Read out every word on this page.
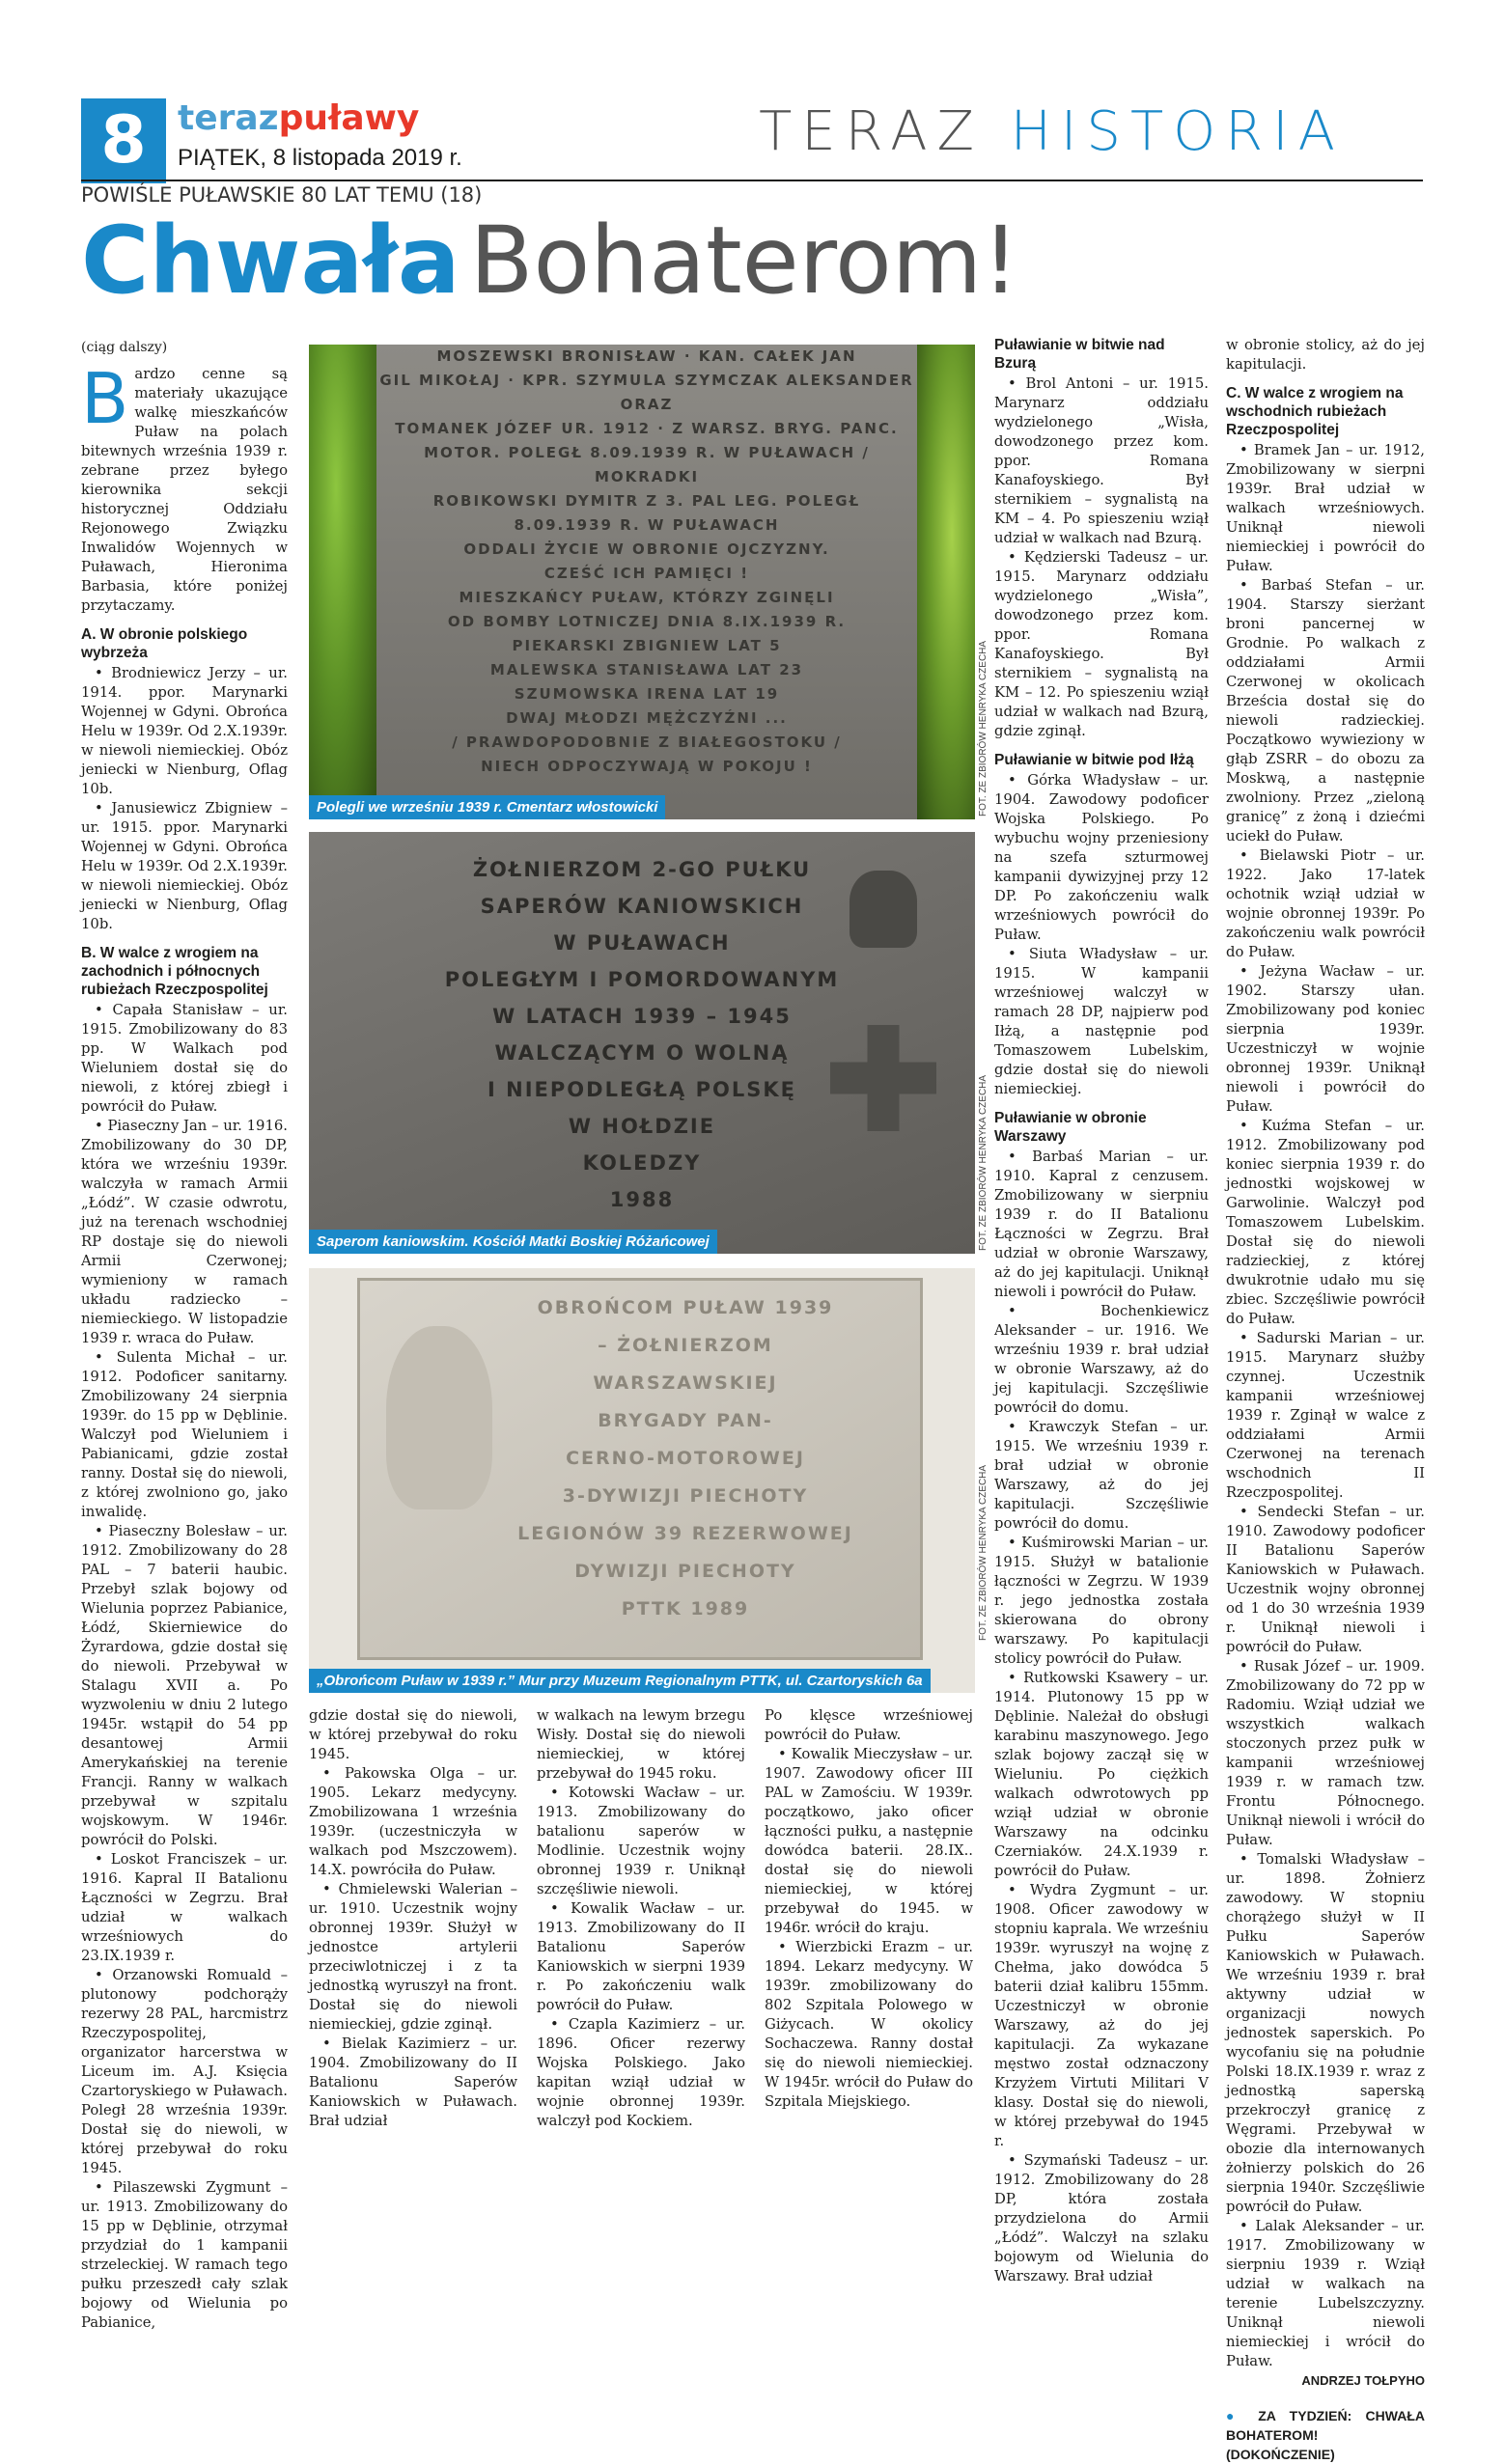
8 terazpuławy
PIĄTEK, 8 listopada 2019 r.	TERAZ HISTORIA
POWIŚLE PUŁAWSKIE 80 LAT TEMU (18)
Chwała Bohaterom!
(ciąg dalszy)

Bardzo cenne są materiały ukazujące walkę mieszkańców Puław na polach bitewnych września 1939 r. zebrane przez byłego kierownika sekcji historycznej Oddziału Rejonowego Związku Inwalidów Wojennych w Puławach, Hieronima Barbasia, które poniżej przytaczamy.

A. W obronie polskiego wybrzeża
• Brodniewicz Jerzy – ur. 1914. ppor. Marynarki Wojennej w Gdyni. Obrońca Helu w 1939r. Od 2.X.1939r. w niewoli niemieckiej. Obóz jeniecki w Nienburg, Oflag 10b.
• Janusiewicz Zbigniew – ur. 1915. ppor. Marynarki Wojennej w Gdyni. Obrońca Helu w 1939r. Od 2.X.1939r. w niewoli niemieckiej. Obóz jeniecki w Nienburg, Oflag 10b.
B. W walce z wrogiem na zachodnich i północnych rubieżach Rzeczpospolitej
• Capała Stanisław – ur. 1915. Zmobilizowany do 83 pp. W Walkach pod Wieluniem dostał się do niewoli, z której zbiegł i powrócił do Puław.
• Piaseczny Jan – ur. 1916. Zmobilizowany do 30 DP, która we wrześniu 1939r. walczyła w ramach Armii „Łódź”. W czasie odwrotu, już na terenach wschodniej RP dostaje się do niewoli Armii Czerwonej; wymieniony w ramach układu radziecko – niemieckiego. W listopadzie 1939 r. wraca do Puław.
• Sulenta Michał – ur. 1912. Podoficer sanitarny. Zmobilizowany 24 sierpnia 1939r. do 15 pp w Dęblinie. Walczył pod Wieluniem i Pabianicami, gdzie został ranny. Dostał się do niewoli, z której zwolniono go, jako inwalidę.
• Piaseczny Bolesław – ur. 1912. Zmobilizowany do 28 PAL – 7 baterii haubic. Przebył szlak bojowy od Wielunia poprzez Pabianice, Łódź, Skierniewice do Żyrardowa, gdzie dostał się do niewoli. Przebywał w Stalagu XVII a. Po wyzwoleniu w dniu 2 lutego 1945r. wstąpił do 54 pp desantowej Armii Amerykańskiej na terenie Francji. Ranny w walkach przebywał w szpitalu wojskowym. W 1946r. powrócił do Polski.
• Loskot Franciszek – ur. 1916. Kapral II Batalionu Łączności w Zegrzu. Brał udział w walkach wrześniowych do 23.IX.1939 r.
• Orzanowski Romuald – plutonowy podchorąży rezerwy 28 PAL, harcmistrz Rzeczypospolitej, organizator harcerstwa w Liceum im. A.J. Księcia Czartoryskiego w Puławach. Poległ 28 września 1939r. Dostał się do niewoli, w której przebywał do roku 1945.
• Pilaszewski Zygmunt – ur. 1913. Zmobilizowany do 15 pp w Dęblinie, otrzymał przydział do 1 kampanii strzeleckiej. W ramach tego pułku przeszedł cały szlak bojowy od Wielunia po Pabianice,
MOSZEWSKI BRONISŁAW · KAN. CAŁEK JAN
GIL MIKOŁAJ · KPR. SZYMULA SZYMCZAK ALEKSANDER
ORAZ
TOMANEK JÓZEF UR. 1912 · Z WARSZ. BRYG. PANC.
MOTOR. POLEGŁ 8.09.1939 R. W PUŁAWACH / MOKRADKI
ROBIKOWSKI DYMITR Z 3. PAL LEG. POLEGŁ
8.09.1939 R. W PUŁAWACH
ODDALI ŻYCIE W OBRONIE OJCZYZNY.
CZEŚĆ ICH PAMIĘCI !
MIESZKAŃCY PUŁAW, KTÓRZY ZGINĘLI
OD BOMBY LOTNICZEJ DNIA 8.IX.1939 R.
PIEKARSKI ZBIGNIEW LAT 5
MALEWSKA STANISŁAWA LAT 23
SZUMOWSKA IRENA LAT 19
DWAJ MŁODZI MĘŻCZYŹNI ...
/ PRAWDOPODOBNIE Z BIAŁEGOSTOKU /
NIECH ODPOCZYWAJĄ W POKOJU !
Polegli we wrześniu 1939 r. Cmentarz włostowicki	FOT. ZE ZBIORÓW HENRYKA CZECHA
ŻOŁNIERZOM 2-GO PUŁKU
SAPERÓW KANIOWSKICH
W PUŁAWACH
POLEGŁYM I POMORDOWANYM
W LATACH 1939 – 1945
WALCZĄCYM O WOLNĄ
I NIEPODLEGŁĄ POLSKĘ
W HOŁDZIE
KOLEDZY
1988
Saperom kaniowskim. Kościół Matki Boskiej Różańcowej	FOT. ZE ZBIORÓW HENRYKA CZECHA
OBROŃCOM PUŁAW 1939
– ŻOŁNIERZOM
WARSZAWSKIEJ
BRYGADY PAN-
CERNO-MOTOROWEJ
3-DYWIZJI PIECHOTY
LEGIONÓW 39 REZERWOWEJ
DYWIZJI PIECHOTY
PTTK 1989
„Obrońcom Puław w 1939 r.” Mur przy Muzeum Regionalnym PTTK, ul. Czartoryskich 6a
FOT. ZE ZBIORÓW HENRYKA CZECHA

gdzie dostał się do niewoli, w której przebywał do roku 1945.

• Pakowska Olga – ur. 1905. Lekarz medycyny. Zmobilizowana 1 września 1939r. (uczestniczyła w walkach pod Mszczowem). 14.X. powróciła do Puław.
• Chmielewski Walerian – ur. 1910. Uczestnik wojny obronnej 1939r. Służył w jednostce artylerii przeciwlotniczej i z ta jednostką wyruszył na front. Dostał się do niewoli niemieckiej, gdzie zginął.
• Bielak Kazimierz – ur. 1904. Zmobilizowany do II Batalionu Saperów Kaniowskich w Puławach. Brał udział

w walkach na lewym brzegu Wisły. Dostał się do niewoli niemieckiej, w której przebywał do 1945 roku.

• Kotowski Wacław – ur. 1913. Zmobilizowany do batalionu saperów w Modlinie. Uczestnik wojny obronnej 1939 r. Uniknął szczęśliwie niewoli.
• Kowalik Wacław – ur. 1913. Zmobilizowany do II Batalionu Saperów Kaniowskich w sierpni 1939 r. Po zakończeniu walk powrócił do Puław.
• Czapla Kazimierz – ur. 1896. Oficer rezerwy Wojska Polskiego. Jako kapitan wziął udział w wojnie obronnej 1939r. walczył pod Kockiem.

Po klęsce wrześniowej powrócił do Puław.

• Kowalik Mieczysław – ur. 1907. Zawodowy oficer III PAL w Zamościu. W 1939r. początkowo, jako oficer łączności pułku, a następnie dowódca baterii. 28.IX.. dostał się do niewoli niemieckiej, w której przebywał do 1945. w 1946r. wrócił do kraju.
• Wierzbicki Erazm – ur. 1894. Lekarz medycyny. W 1939r. zmobilizowany do 802 Szpitala Polowego w Giżycach. W okolicy Sochaczewa. Ranny dostał się do niewoli niemieckiej. W 1945r. wrócił do Puław do Szpitala Miejskiego.
Puławianie w bitwie nad Bzurą
• Brol Antoni – ur. 1915. Marynarz oddziału wydzielonego „Wisła, dowodzonego przez kom. ppor. Romana Kanafoyskiego. Był sternikiem – sygnalistą na KM – 4. Po spieszeniu wziął udział w walkach nad Bzurą.
• Kędzierski Tadeusz – ur. 1915. Marynarz oddziału wydzielonego „Wisła”, dowodzonego przez kom. ppor. Romana Kanafoyskiego. Był sternikiem – sygnalistą na KM – 12. Po spieszeniu wziął udział w walkach nad Bzurą, gdzie zginął.
Puławianie w bitwie pod Iłżą
• Górka Władysław – ur. 1904. Zawodowy podoficer Wojska Polskiego. Po wybuchu wojny przeniesiony na szefa szturmowej kampanii dywizyjnej przy 12 DP. Po zakończeniu walk wrześniowych powrócił do Puław.
• Siuta Władysław – ur. 1915. W kampanii wrześniowej walczył w ramach 28 DP, najpierw pod Iłżą, a następnie pod Tomaszowem Lubelskim, gdzie dostał się do niewoli niemieckiej.
Puławianie w obronie Warszawy
• Barbaś Marian – ur. 1910. Kapral z cenzusem. Zmobilizowany w sierpniu 1939 r. do II Batalionu Łączności w Zegrzu. Brał udział w obronie Warszawy, aż do jej kapitulacji. Uniknął niewoli i powrócił do Puław.
• Bochenkiewicz Aleksander – ur. 1916. We wrześniu 1939 r. brał udział w obronie Warszawy, aż do jej kapitulacji. Szczęśliwie powrócił do domu.
• Krawczyk Stefan – ur. 1915. We wrześniu 1939 r. brał udział w obronie Warszawy, aż do jej kapitulacji. Szczęśliwie powrócił do domu.
• Kuśmirowski Marian – ur. 1915. Służył w batalionie łączności w Zegrzu. W 1939 r. jego jednostka została skierowana do obrony warszawy. Po kapitulacji stolicy powrócił do Puław.
• Rutkowski Ksawery – ur. 1914. Plutonowy 15 pp w Dęblinie. Należał do obsługi karabinu maszynowego. Jego szlak bojowy zaczął się w Wieluniu. Po ciężkich walkach odwrotowych pp wziął udział w obronie Warszawy na odcinku Czerniaków. 24.X.1939 r. powrócił do Puław.
• Wydra Zygmunt – ur. 1908. Oficer zawodowy w stopniu kaprala. We wrześniu 1939r. wyruszył na wojnę z Chełma, jako dowódca 5 baterii dział kalibru 155mm. Uczestniczył w obronie Warszawy, aż do jej kapitulacji. Za wykazane męstwo został odznaczony Krzyżem Virtuti Militari V klasy. Dostał się do niewoli, w której przebywał do 1945 r.
• Szymański Tadeusz – ur. 1912. Zmobilizowany do 28 DP, która została przydzielona do Armii „Łódź”. Walczył na szlaku bojowym od Wielunia do Warszawy. Brał udział

w obronie stolicy, aż do jej kapitulacji.

C. W walce z wrogiem na wschodnich rubieżach Rzeczpospolitej
• Bramek Jan – ur. 1912, Zmobilizowany w sierpni 1939r. Brał udział w walkach wrześniowych. Uniknął niewoli niemieckiej i powrócił do Puław.
• Barbaś Stefan – ur. 1904. Starszy sierżant broni pancernej w Grodnie. Po walkach z oddziałami Armii Czerwonej w okolicach Brześcia dostał się do niewoli radzieckiej. Początkowo wywieziony w głąb ZSRR – do obozu za Moskwą, a następnie zwolniony. Przez „zieloną granicę” z żoną i dziećmi uciekł do Puław.
• Bielawski Piotr – ur. 1922. Jako 17-latek ochotnik wziął udział w wojnie obronnej 1939r. Po zakończeniu walk powrócił do Puław.
• Jeżyna Wacław – ur. 1902. Starszy ułan. Zmobilizowany pod koniec sierpnia 1939r. Uczestniczył w wojnie obronnej 1939r. Uniknął niewoli i powrócił do Puław.
• Kuźma Stefan – ur. 1912. Zmobilizowany pod koniec sierpnia 1939 r. do jednostki wojskowej w Garwolinie. Walczył pod Tomaszowem Lubelskim. Dostał się do niewoli radzieckiej, z której dwukrotnie udało mu się zbiec. Szczęśliwie powrócił do Puław.
• Sadurski Marian – ur. 1915. Marynarz służby czynnej. Uczestnik kampanii wrześniowej 1939 r. Zginął w walce z oddziałami Armii Czerwonej na terenach wschodnich II Rzeczpospolitej.
• Sendecki Stefan – ur. 1910. Zawodowy podoficer II Batalionu Saperów Kaniowskich w Puławach. Uczestnik wojny obronnej od 1 do 30 września 1939 r. Uniknął niewoli i powrócił do Puław.
• Rusak Józef – ur. 1909. Zmobilizowany do 72 pp w Radomiu. Wziął udział we wszystkich walkach stoczonych przez pułk w kampanii wrześniowej 1939 r. w ramach tzw. Frontu Północnego. Uniknął niewoli i wrócił do Puław.
• Tomalski Władysław – ur. 1898. Żołnierz zawodowy. W stopniu chorążego służył w II Pułku Saperów Kaniowskich w Puławach. We wrześniu 1939 r. brał aktywny udział w organizacji nowych jednostek saperskich. Po wycofaniu się na południe Polski 18.IX.1939 r. wraz z jednostką saperską przekroczył granicę z Węgrami. Przebywał w obozie dla internowanych żołnierzy polskich do 26 sierpnia 1940r. Szczęśliwie powrócił do Puław.
• Lalak Aleksander – ur. 1917. Zmobilizowany w sierpniu 1939 r. Wziął udział w walkach na terenie Lubelszczyzny. Uniknął niewoli niemieckiej i wrócił do Puław.
ANDRZEJ TOŁPYHO
● ZA TYDZIEŃ: CHWAŁA BOHATEROM!
(DOKOŃCZENIE)
